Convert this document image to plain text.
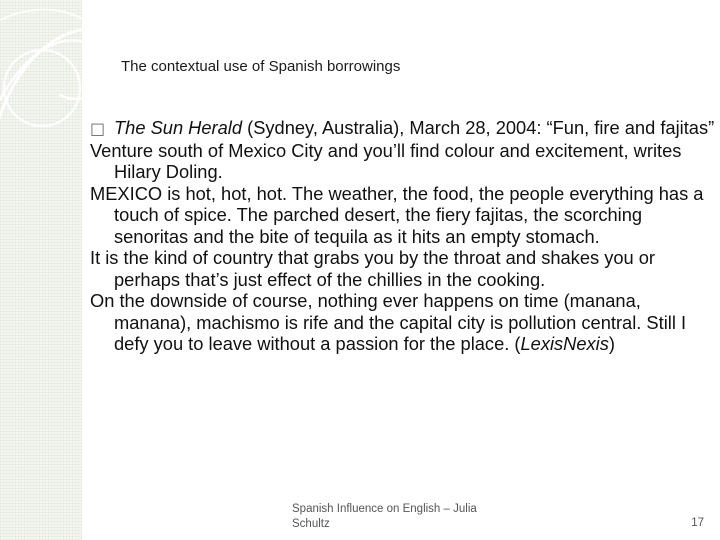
The contextual use of Spanish borrowings

□ The Sun Herald (Sydney, Australia), March 28, 2004: “Fun, fire and fajitas”

Venture south of Mexico City and you’ll find colour and excitement, writes Hilary Doling.

MEXICO is hot, hot, hot. The weather, the food, the people everything has a touch of spice. The parched desert, the fiery fajitas, the scorching senoritas and the bite of tequila as it hits an empty stomach.

It is the kind of country that grabs you by the throat and shakes you or perhaps that’s just effect of the chillies in the cooking.

On the downside of course, nothing ever happens on time (manana, manana), machismo is rife and the capital city is pollution central. Still I defy you to leave without a passion for the place. (LexisNexis)

Spanish Influence on English – Julia Schultz	17
